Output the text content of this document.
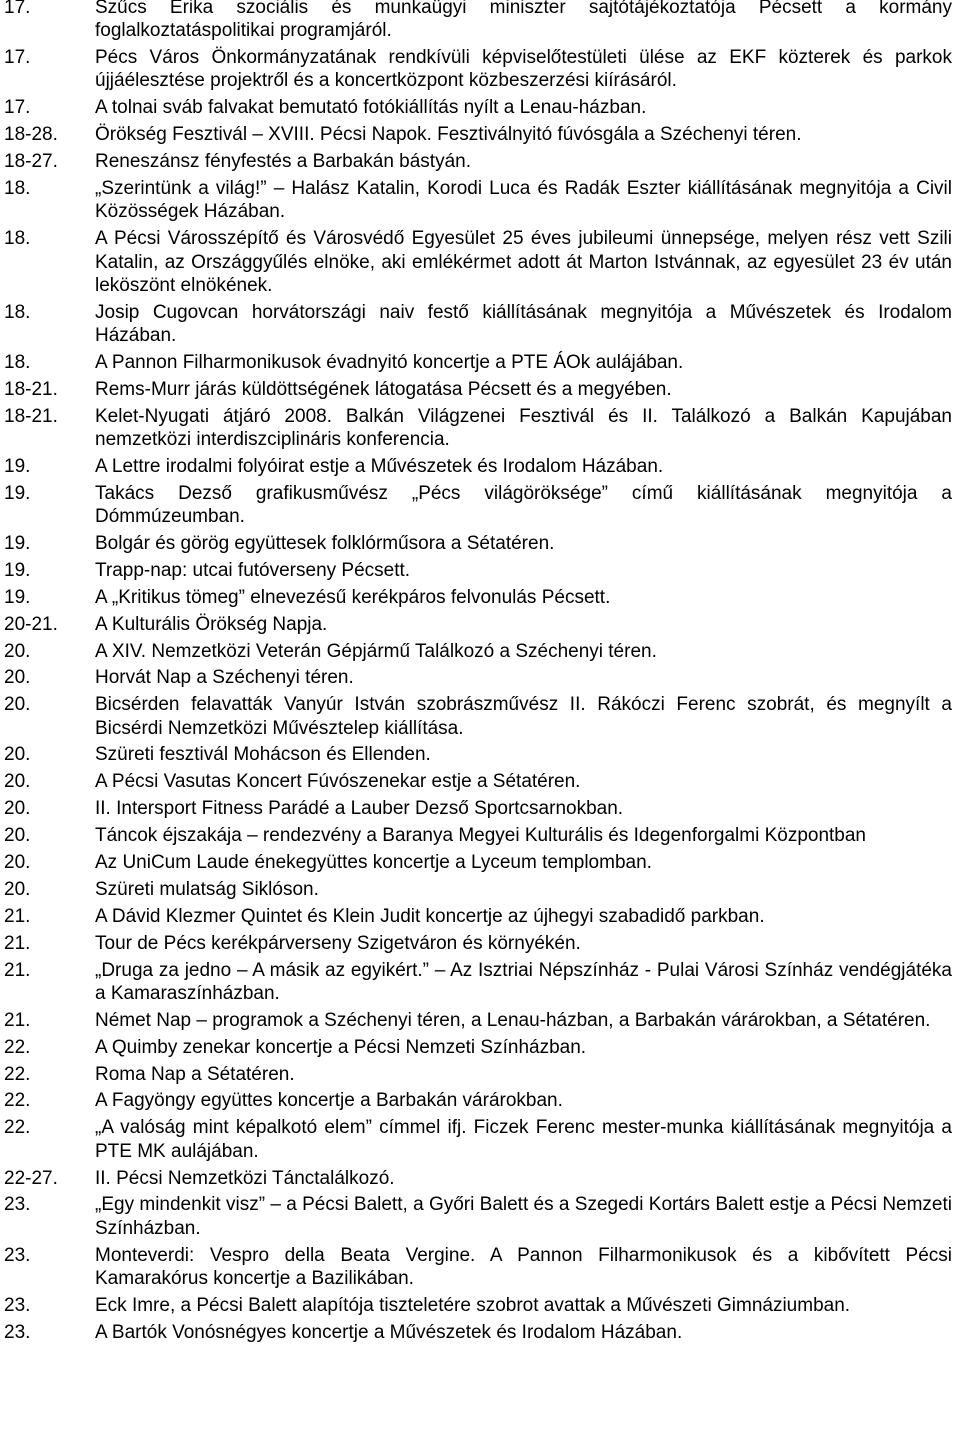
17.	Szűcs Erika szociális és munkaügyi miniszter sajtótájékoztatója Pécsett a kormány foglalkoztatáspolitikai programjáról.
17.	Pécs Város Önkormányzatának rendkívüli képviselőtestületi ülése az EKF közterek és parkok újjáélesztése projektről és a koncertközpont közbeszerzési kiírásáról.
17.	A tolnai sváb falvakat bemutató fotókiállítás nyílt a Lenau-házban.
18-28.	Örökség Fesztivál – XVIII. Pécsi Napok. Fesztiválnyitó fúvósgála a Széchenyi téren.
18-27.	Reneszánsz fényfestés a Barbakán bástyán.
18.	„Szerintünk a világ!” – Halász Katalin, Korodi Luca és Radák Eszter kiállításának megnyitója a Civil Közösségek Házában.
18.	A Pécsi Városszépítő és Városvédő Egyesület 25 éves jubileumi ünnepsége, melyen rész vett Szili Katalin, az Országgyűlés elnöke, aki emlékérmet adott át Marton Istvánnak, az egyesület 23 év után leköszönt elnökének.
18.	Josip Cugovcan horvátországi naiv festő kiállításának megnyitója a Művészetek és Irodalom Házában.
18.	A Pannon Filharmonikusok évadnyitó koncertje a PTE ÁOk aulájában.
18-21.	Rems-Murr járás küldöttségének látogatása Pécsett és a megyében.
18-21.	Kelet-Nyugati átjáró 2008. Balkán Világzenei Fesztivál és II. Találkozó a Balkán Kapujában nemzetközi interdiszciplináris konferencia.
19.	A Lettre irodalmi folyóirat estje a Művészetek és Irodalom Házában.
19.	Takács Dezső grafikusművész „Pécs világöröksége” című kiállításának megnyitója a Dómmúzeumban.
19.	Bolgár és görög együttesek folklórműsora a Sétatéren.
19.	Trapp-nap: utcai futóverseny Pécsett.
19.	A „Kritikus tömeg” elnevezésű kerékpáros felvonulás Pécsett.
20-21.	A Kulturális Örökség Napja.
20.	A XIV. Nemzetközi Veterán Gépjármű Találkozó a Széchenyi téren.
20.	Horvát Nap a Széchenyi téren.
20.	Bicsérden felavatták Vanyúr István szobrászművész II. Rákóczi Ferenc szobrát, és megnyílt a Bicsérdi Nemzetközi Művésztelep kiállítása.
20.	Szüreti fesztivál Mohácson és Ellenden.
20.	A Pécsi Vasutas Koncert Fúvószenekar estje a Sétatéren.
20.	II. Intersport Fitness Parádé a Lauber Dezső Sportcsarnokban.
20.	Táncok éjszakája – rendezvény a Baranya Megyei Kulturális és Idegenforgalmi Központban
20.	Az UniCum Laude énekegyüttes koncertje a Lyceum templomban.
20.	Szüreti mulatság Siklóson.
21.	A Dávid Klezmer Quintet és Klein Judit koncertje az újhegyi szabadidő parkban.
21.	Tour de Pécs kerékpárverseny Szigetváron és környékén.
21.	„Druga za jedno – A másik az egyikért.” – Az Isztriai Népszínház - Pulai Városi Színház vendégjátéka a Kamaraszínházban.
21.	Német Nap – programok a Széchenyi téren, a Lenau-házban, a Barbakán várárokban, a Sétatéren.
22.	A Quimby zenekar koncertje a Pécsi Nemzeti Színházban.
22.	Roma Nap a Sétatéren.
22.	A Fagyöngy együttes koncertje a Barbakán várárokban.
22.	„A valóság mint képalkotó elem” címmel ifj. Ficzek Ferenc mester-munka kiállításának megnyitója a PTE MK aulájában.
22-27.	II. Pécsi Nemzetközi Tánctalálkozó.
23.	„Egy mindenkit visz” – a Pécsi Balett, a Győri Balett és a Szegedi Kortárs Balett estje a Pécsi Nemzeti Színházban.
23.	Monteverdi: Vespro della Beata Vergine. A Pannon Filharmonikusok és a kibővített Pécsi Kamarakórus koncertje a Bazilikában.
23.	Eck Imre, a Pécsi Balett alapítója tiszteletére szobrot avattak a Művészeti Gimnáziumban.
23.	A Bartók Vonósnégyes koncertje a Művészetek és Irodalom Házában.
